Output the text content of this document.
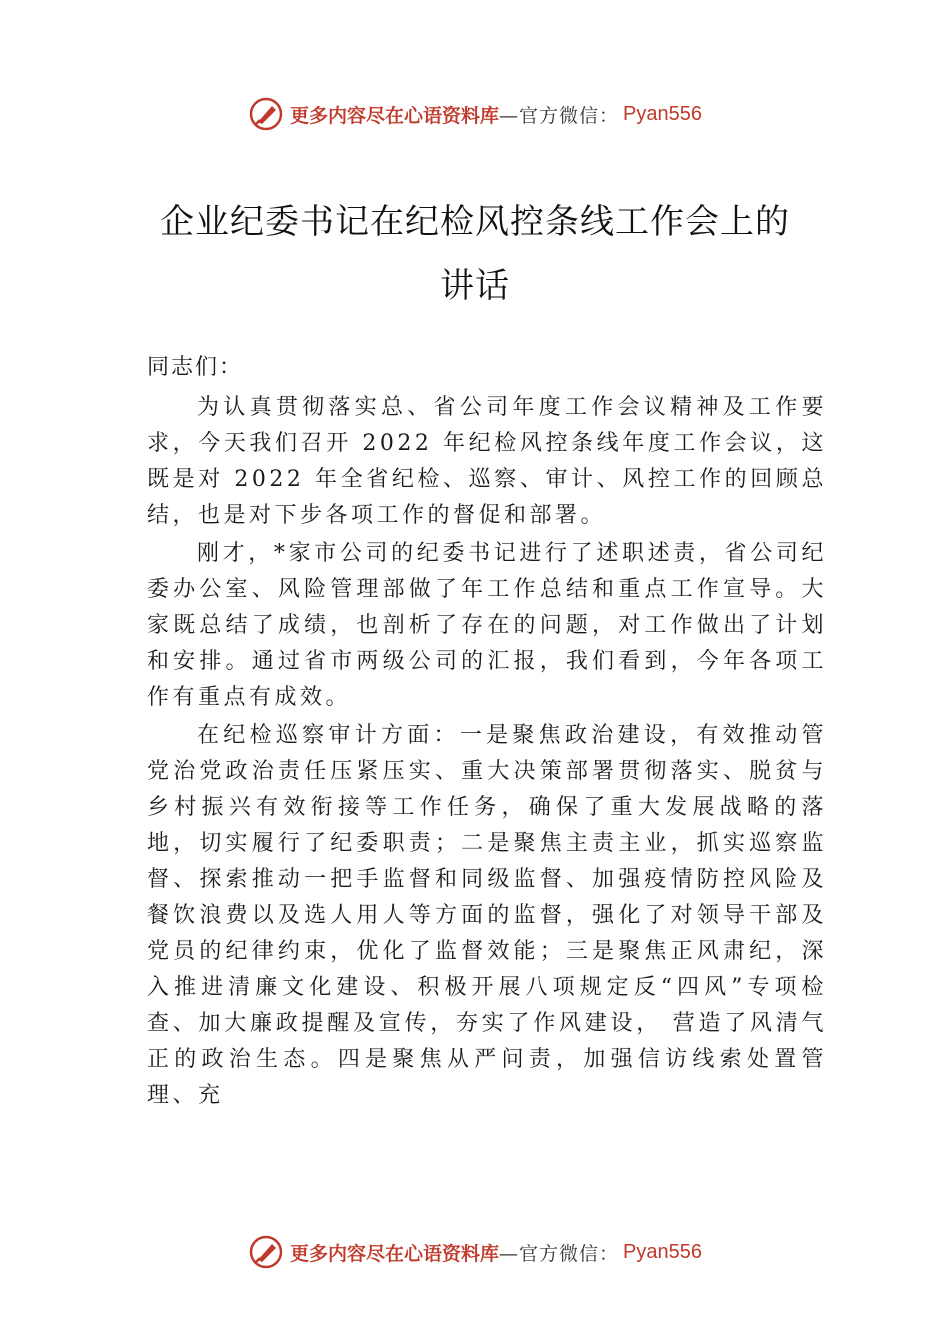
更多内容尽在心语资料库 —官方微信： Pyan556
企业纪委书记在纪检风控条线工作会上的
讲话

同志们：

为认真贯彻落实总、省公司年度工作会议精神及工作要求，今天我们召开 2022 年纪检风控条线年度工作会议，这既是对 2022 年全省纪检、巡察、审计、风控工作的回顾总结，也是对下步各项工作的督促和部署。

刚才，*家市公司的纪委书记进行了述职述责，省公司纪委办公室、风险管理部做了年工作总结和重点工作宣导。大家既总结了成绩，也剖析了存在的问题，对工作做出了计划和安排。通过省市两级公司的汇报，我们看到，今年各项工作有重点有成效。

在纪检巡察审计方面：一是聚焦政治建设，有效推动管党治党政治责任压紧压实、重大决策部署贯彻落实、脱贫与乡村振兴有效衔接等工作任务，确保了重大发展战略的落地，切实履行了纪委职责；二是聚焦主责主业，抓实巡察监督、探索推动一把手监督和同级监督、加强疫情防控风险及餐饮浪费以及选人用人等方面的监督，强化了对领导干部及党员的纪律约束，优化了监督效能；三是聚焦正风肃纪，深入推进清廉文化建设、积极开展八项规定反“四风”专项检查、加大廉政提醒及宣传，夯实了作风建设， 营造了风清气正的政治生态。四是聚焦从严问责，加强信访线索处置管理、充

更多内容尽在心语资料库 —官方微信： Pyan556
